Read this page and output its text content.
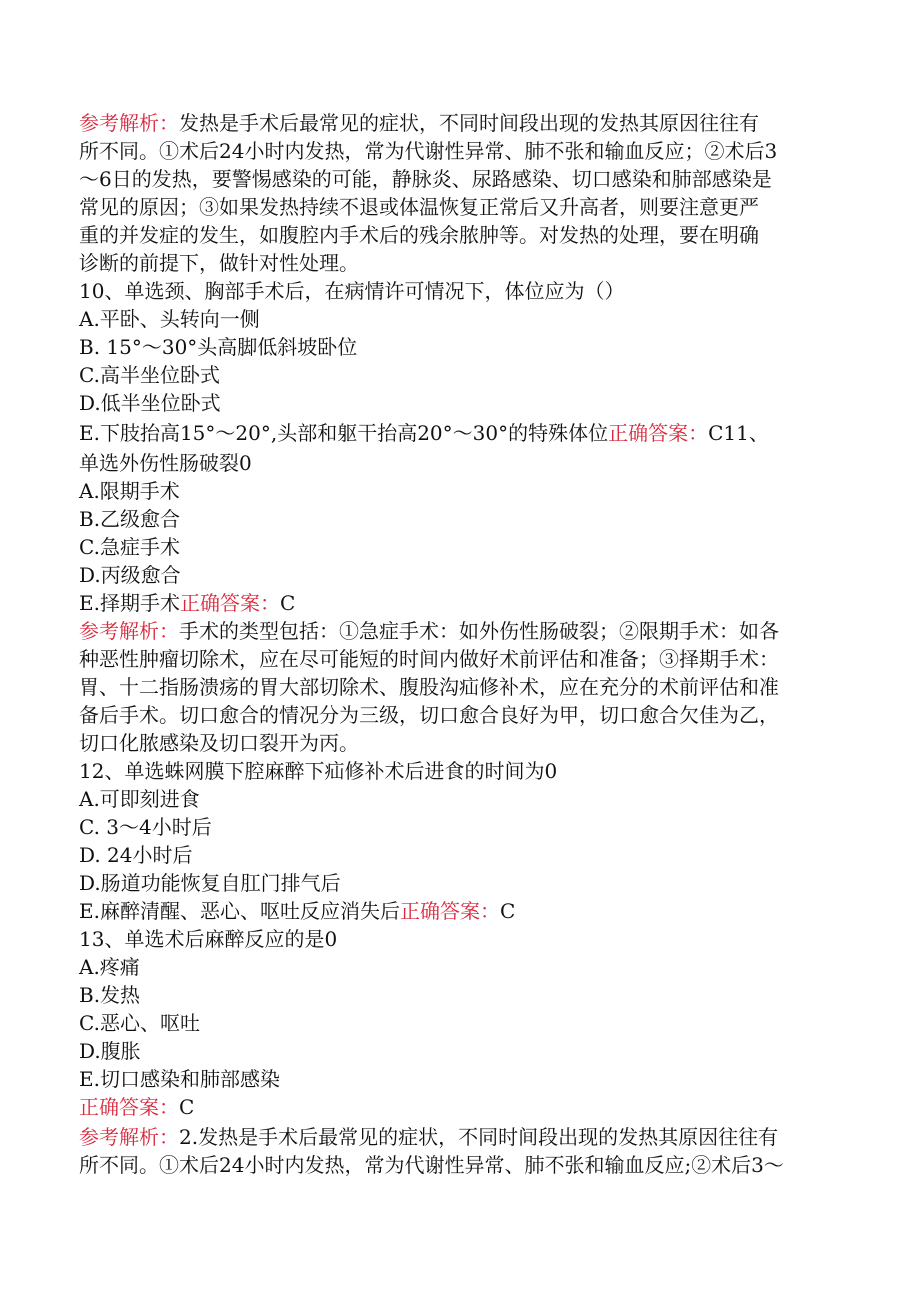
参考解析：发热是手术后最常见的症状，不同时间段出现的发热其原因往往有
所不同。①术后24小时内发热，常为代谢性异常、肺不张和输血反应；②术后3
～6日的发热，要警惕感染的可能，静脉炎、尿路感染、切口感染和肺部感染是
常见的原因；③如果发热持续不退或体温恢复正常后又升高者，则要注意更严
重的并发症的发生，如腹腔内手术后的残余脓肿等。对发热的处理，要在明确
诊断的前提下，做针对性处理。
10、单选颈、胸部手术后，在病情许可情况下，体位应为（）
A.平卧、头转向一侧
B. 15°～30°头高脚低斜坡卧位
C.高半坐位卧式
D.低半坐位卧式
E.下肢抬高15°～20°,头部和躯干抬高20°～30°的特殊体位正确答案：C11、
单选外伤性肠破裂0
A.限期手术
B.乙级愈合
C.急症手术
D.丙级愈合
E.择期手术正确答案：C
参考解析：手术的类型包括：①急症手术：如外伤性肠破裂；②限期手术：如各
种恶性肿瘤切除术，应在尽可能短的时间内做好术前评估和准备；③择期手术：
胃、十二指肠溃疡的胃大部切除术、腹股沟疝修补术，应在充分的术前评估和准
备后手术。切口愈合的情况分为三级，切口愈合良好为甲，切口愈合欠佳为乙，
切口化脓感染及切口裂开为丙。
12、单选蛛网膜下腔麻醉下疝修补术后进食的时间为0
A.可即刻进食
C. 3～4小时后
D. 24小时后
D.肠道功能恢复自肛门排气后
E.麻醉清醒、恶心、呕吐反应消失后正确答案：C
13、单选术后麻醉反应的是0
A.疼痛
B.发热
C.恶心、呕吐
D.腹胀
E.切口感染和肺部感染
正确答案：C
参考解析：2.发热是手术后最常见的症状，不同时间段出现的发热其原因往往有
所不同。①术后24小时内发热，常为代谢性异常、肺不张和输血反应;②术后3～
